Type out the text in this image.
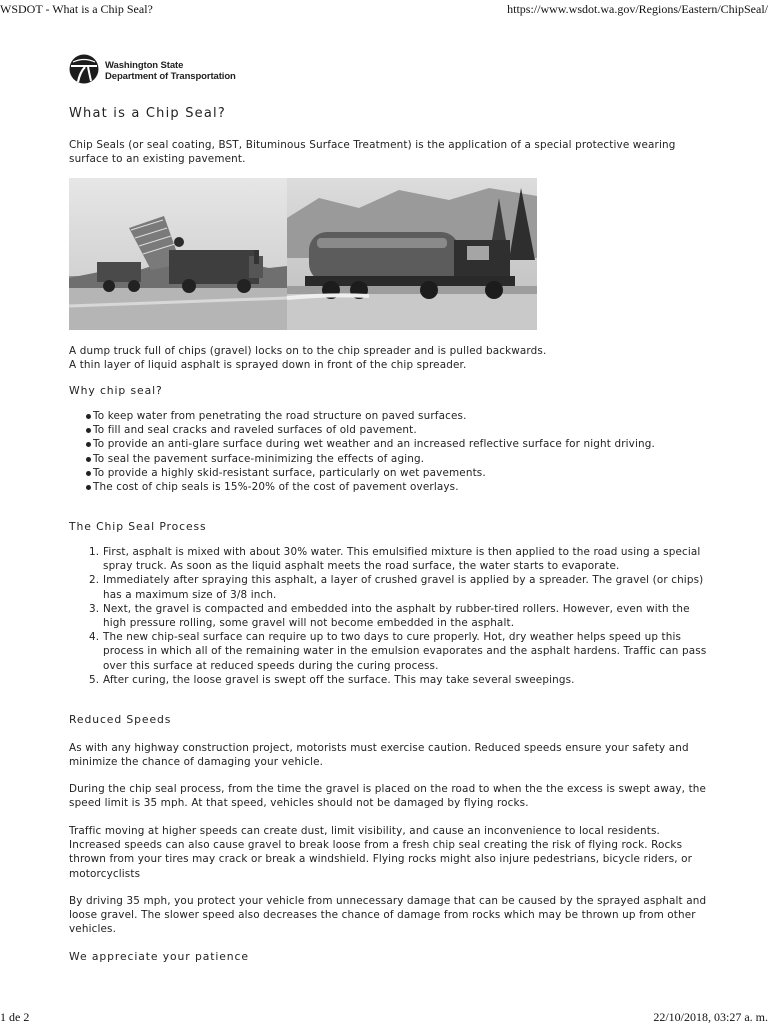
WSDOT - What is a Chip Seal?	https://www.wsdot.wa.gov/Regions/Eastern/ChipSeal/
Washington State
Department of Transportation
What is a Chip Seal?

Chip Seals (or seal coating, BST, Bituminous Surface Treatment) is the application of a special protective wearing surface to an existing pavement.

A dump truck full of chips (gravel) locks on to the chip spreader and is pulled backwards.
A thin layer of liquid asphalt is sprayed down in front of the chip spreader.

Why chip seal?
To keep water from penetrating the road structure on paved surfaces.
To fill and seal cracks and raveled surfaces of old pavement.
To provide an anti-glare surface during wet weather and an increased reflective surface for night driving.
To seal the pavement surface-minimizing the effects of aging.
To provide a highly skid-resistant surface, particularly on wet pavements.
The cost of chip seals is 15%-20% of the cost of pavement overlays.
The Chip Seal Process
1. First, asphalt is mixed with about 30% water. This emulsified mixture is then applied to the road using a special spray truck. As soon as the liquid asphalt meets the road surface, the water starts to evaporate.
2. Immediately after spraying this asphalt, a layer of crushed gravel is applied by a spreader. The gravel (or chips) has a maximum size of 3/8 inch.
3. Next, the gravel is compacted and embedded into the asphalt by rubber-tired rollers. However, even with the high pressure rolling, some gravel will not become embedded in the asphalt.
4. The new chip-seal surface can require up to two days to cure properly. Hot, dry weather helps speed up this process in which all of the remaining water in the emulsion evaporates and the asphalt hardens. Traffic can pass over this surface at reduced speeds during the curing process.
5. After curing, the loose gravel is swept off the surface. This may take several sweepings.
Reduced Speeds

As with any highway construction project, motorists must exercise caution. Reduced speeds ensure your safety and minimize the chance of damaging your vehicle.

During the chip seal process, from the time the gravel is placed on the road to when the the excess is swept away, the speed limit is 35 mph. At that speed, vehicles should not be damaged by flying rocks.

Traffic moving at higher speeds can create dust, limit visibility, and cause an inconvenience to local residents. Increased speeds can also cause gravel to break loose from a fresh chip seal creating the risk of flying rock. Rocks thrown from your tires may crack or break a windshield. Flying rocks might also injure pedestrians, bicycle riders, or motorcyclists

By driving 35 mph, you protect your vehicle from unnecessary damage that can be caused by the sprayed asphalt and loose gravel. The slower speed also decreases the chance of damage from rocks which may be thrown up from other vehicles.

We appreciate your patience
1 de 2	22/10/2018, 03:27 a. m.
